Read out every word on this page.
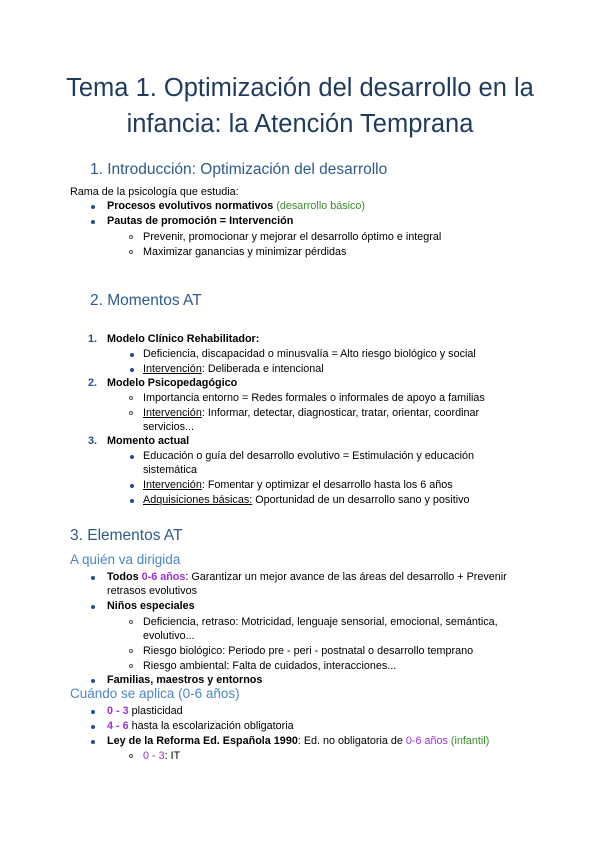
Tema 1. Optimización del desarrollo en la
infancia: la Atención Temprana
1. Introducción: Optimización del desarrollo
Rama de la psicología que estudia:
Procesos evolutivos normativos (desarrollo básico)
Pautas de promoción = Intervención
Prevenir, promocionar y mejorar el desarrollo óptimo e integral
Maximizar ganancias y minimizar pérdidas
2. Momentos AT
1. Modelo Clínico Rehabilitador:
Deficiencia, discapacidad o minusvalía = Alto riesgo biológico y social
Intervención: Deliberada e intencional
2. Modelo Psicopedagógico
Importancia entorno = Redes formales o informales de apoyo a familias
Intervención: Informar, detectar, diagnosticar, tratar, orientar, coordinar
servicios...
3. Momento actual
Educación o guía del desarrollo evolutivo = Estimulación y educación
sistemática
Intervención: Fomentar y optimizar el desarrollo hasta los 6 años
Adquisiciones básicas: Oportunidad de un desarrollo sano y positivo
3. Elementos AT
A quién va dirigida
Todos 0-6 años: Garantizar un mejor avance de las áreas del desarrollo + Prevenir
retrasos evolutivos
Niños especiales
Deficiencia, retraso: Motricidad, lenguaje sensorial, emocional, semántica,
evolutivo...
Riesgo biológico: Periodo pre - peri - postnatal o desarrollo temprano
Riesgo ambiental: Falta de cuidados, interacciones...
Familias, maestros y entornos
Cuándo se aplica (0-6 años)
0 - 3 plasticidad
4 - 6 hasta la escolarización obligatoria
Ley de la Reforma Ed. Española 1990: Ed. no obligatoria de 0-6 años (infantil)
0 - 3: IT
